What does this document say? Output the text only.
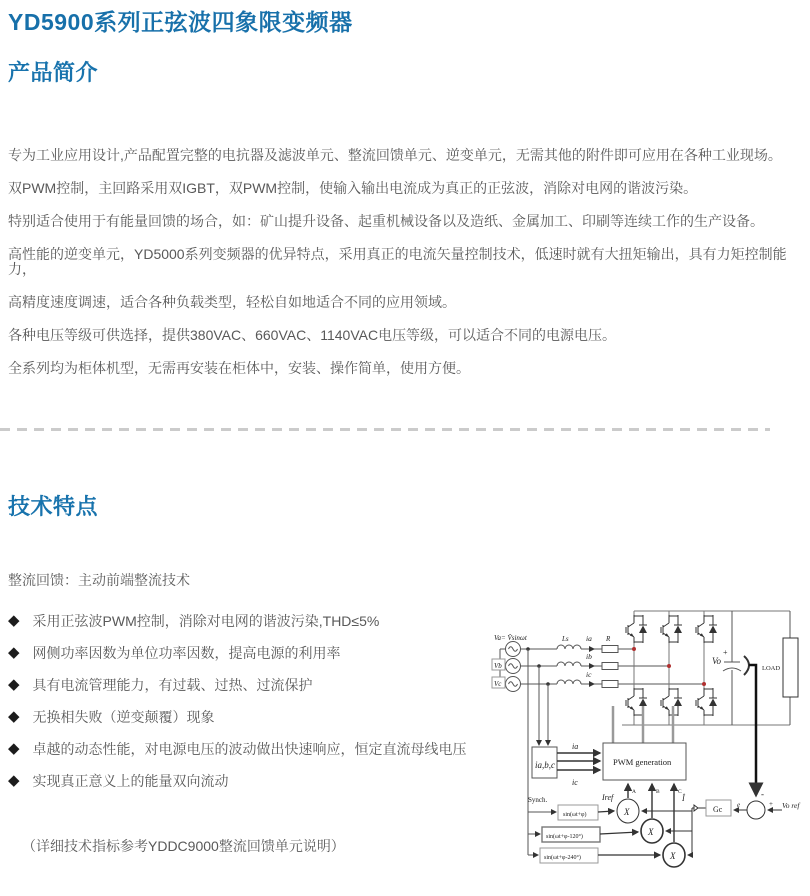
YD5900系列正弦波四象限变频器
产品简介

专为工业应用设计,产品配置完整的电抗器及滤波单元、整流回馈单元、逆变单元，无需其他的附件即可应用在各种工业现场。

双PWM控制，主回路采用双IGBT，双PWM控制，使输入输出电流成为真正的正弦波，消除对电网的谐波污染。

特别适合使用于有能量回馈的场合，如：矿山提升设备、起重机械设备以及造纸、金属加工、印刷等连续工作的生产设备。

高性能的逆变单元，YD5000系列变频器的优异特点，采用真正的电流矢量控制技术，低速时就有大扭矩输出，具有力矩控制能力，

高精度速度调速，适合各种负载类型，轻松自如地适合不同的应用领域。

各种电压等级可供选择，提供380VAC、660VAC、1140VAC电压等级，可以适合不同的电源电压。

全系列均为柜体机型，无需再安装在柜体中，安装、操作简单，使用方便。

技术特点
整流回馈：主动前端整流技术
◆ 采用正弦波PWM控制，消除对电网的谐波污染,THD≤5%
◆ 网侧功率因数为单位功率因数，提高电源的利用率
◆ 具有电流管理能力，有过载、过热、过流保护
◆ 无换相失败（逆变颠覆）现象
◆ 卓越的动态性能，对电源电压的波动做出快速响应，恒定直流母线电压
◆ 实现真正意义上的能量双向流动
（详细技术指标参考YDDC9000整流回馈单元说明）
Va= V̂sinωt
Vb
Vc
Ls ia
ib
ic
R
Vo
+
LOAD
ia,b,c
ia
ic
PWM generation
A	B	C
Iref
X
X
X
sin(ωt+φ)
sin(ωt+φ-120°)
sin(ωt+φ-240°)
Synch.	Î
Gc e	+
-
Vo ref
